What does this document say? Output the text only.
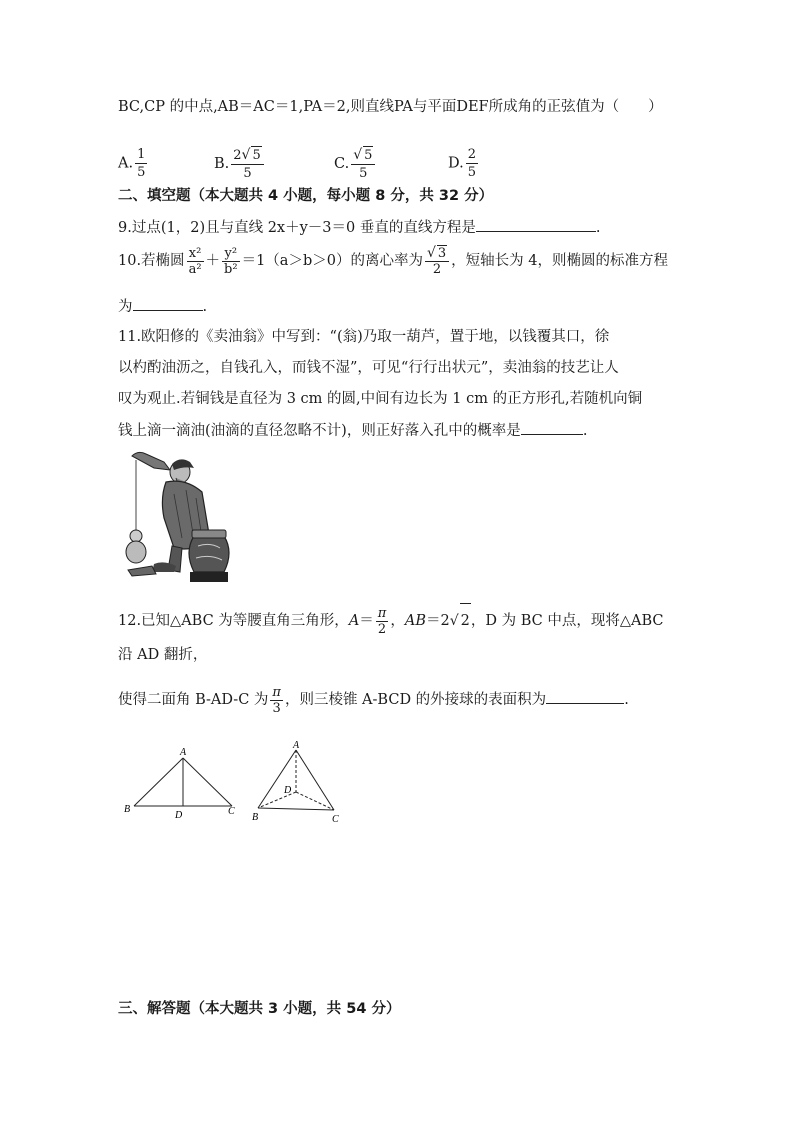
BC,CP 的中点,AB＝AC＝1,PA＝2,则直线PA与平面DEF所成角的正弦值为（　　）
A. $\frac{1}{5}$	B. $\frac{2√ 5}{5}$	C. $\frac{√ 5}{5}$	D. $\frac{2}{5}$
二、填空题（本大题共 4 小题，每小题 8 分，共 32 分）
9.过点(1，2)且与直线 2x＋y－3＝0 垂直的直线方程是	.
10.若椭圆 $\frac{\text{x²}}{\text{a²}} + \frac{\text{y²}}{\text{b²}} =1(a>b>0)$的离心率为 $\frac{√ 3}{2}$ ，短轴长为 4，则椭圆的标准方程
为	.
11.欧阳修的《卖油翁》中写到：“(翁)乃取一葫芦，置于地，以钱覆其口，徐
以杓酌油沥之，自钱孔入，而钱不湿”，可见“行行出状元”，卖油翁的技艺让人
叹为观止.若铜钱是直径为 3 cm 的圆,中间有边长为 1 cm 的正方形孔,若随机向铜
钱上滴一滴油(油滴的直径忽略不计)，则正好落入孔中的概率是	.
12.已知△ABC 为等腰直角三角形，$A= \frac{\pi}{2}$ ，AB＝2√ 2，D 为 BC 中点，现将△ABC
沿 AD 翻折，
使得二面角 B-AD-C 为 $\frac{\pi}{3}$ ，则三棱锥 A-BCD 的外接球的表面积为	.
A
B	C
D
A
B	C
D
三、解答题（本大题共 3 小题，共 54 分）
